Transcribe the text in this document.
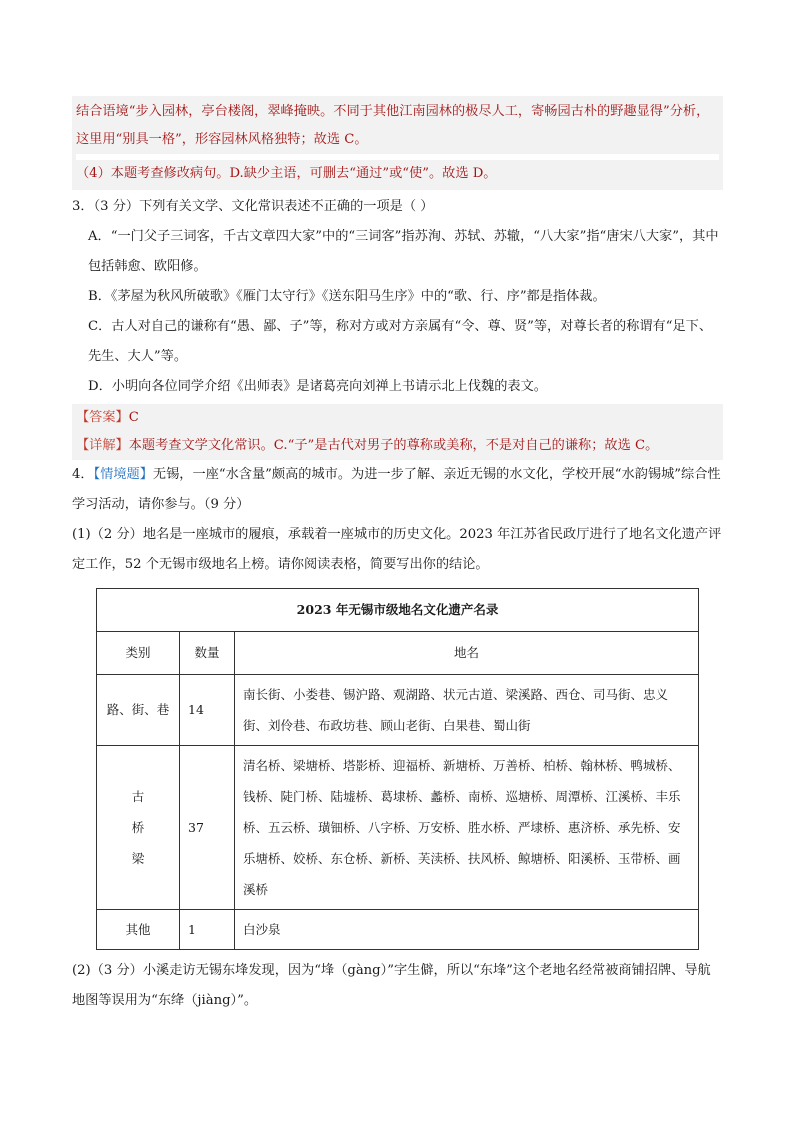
结合语境“步入园林，亭台楼阁，翠峰掩映。不同于其他江南园林的极尽人工，寄畅园古朴的野趣显得”分析，这里用“别具一格”，形容园林风格独特；故选 C。

（4）本题考查修改病句。D.缺少主语，可删去“通过”或“使”。故选 D。

3．（3 分）下列有关文学、文化常识表述不正确的一项是（ ）

A．“一门父子三词客，千古文章四大家”中的“三词客”指苏洵、苏轼、苏辙，“八大家”指“唐宋八大家”，其中包括韩愈、欧阳修。

B．《茅屋为秋风所破歌》《雁门太守行》《送东阳马生序》中的“歌、行、序”都是指体裁。

C．古人对自己的谦称有“愚、鄙、子”等，称对方或对方亲属有“令、尊、贤”等，对尊长者的称谓有“足下、先生、大人”等。

D．小明向各位同学介绍《出师表》是诸葛亮向刘禅上书请示北上伐魏的表文。

【答案】C

【详解】本题考查文学文化常识。C.“子”是古代对男子的尊称或美称，不是对自己的谦称；故选 C。

4．【情境题】无锡，一座“水含量”颇高的城市。为进一步了解、亲近无锡的水文化，学校开展“水韵锡城”综合性学习活动，请你参与。（9 分）

(1)（2 分）地名是一座城市的履痕，承载着一座城市的历史文化。2023 年江苏省民政厅进行了地名文化遗产评定工作，52 个无锡市级地名上榜。请你阅读表格，简要写出你的结论。

2023 年无锡市级地名文化遗产名录		
类别	数量	地名
路、街、巷	14	南长街、小娄巷、锡沪路、观湖路、状元古道、梁溪路、西仓、司马街、忠义街、刘伶巷、布政坊巷、顾山老街、白果巷、蜀山街

古桥梁	37	清名桥、梁塘桥、塔影桥、迎福桥、新塘桥、万善桥、柏桥、翰林桥、鸭城桥、钱桥、陡门桥、陆墟桥、葛埭桥、蠡桥、南桥、巡塘桥、周潭桥、江溪桥、丰乐桥、五云桥、璜钿桥、八字桥、万安桥、胜水桥、严埭桥、惠济桥、承先桥、安乐塘桥、姣桥、东仓桥、新桥、芙渎桥、扶风桥、鲸塘桥、阳溪桥、玉带桥、画溪桥
其他	1	白沙泉

(2)（3 分）小溪走访无锡东埄发现，因为“埄（gàng）”字生僻，所以“东埄”这个老地名经常被商铺招牌、导航地图等误用为“东绛（jiàng）”。
